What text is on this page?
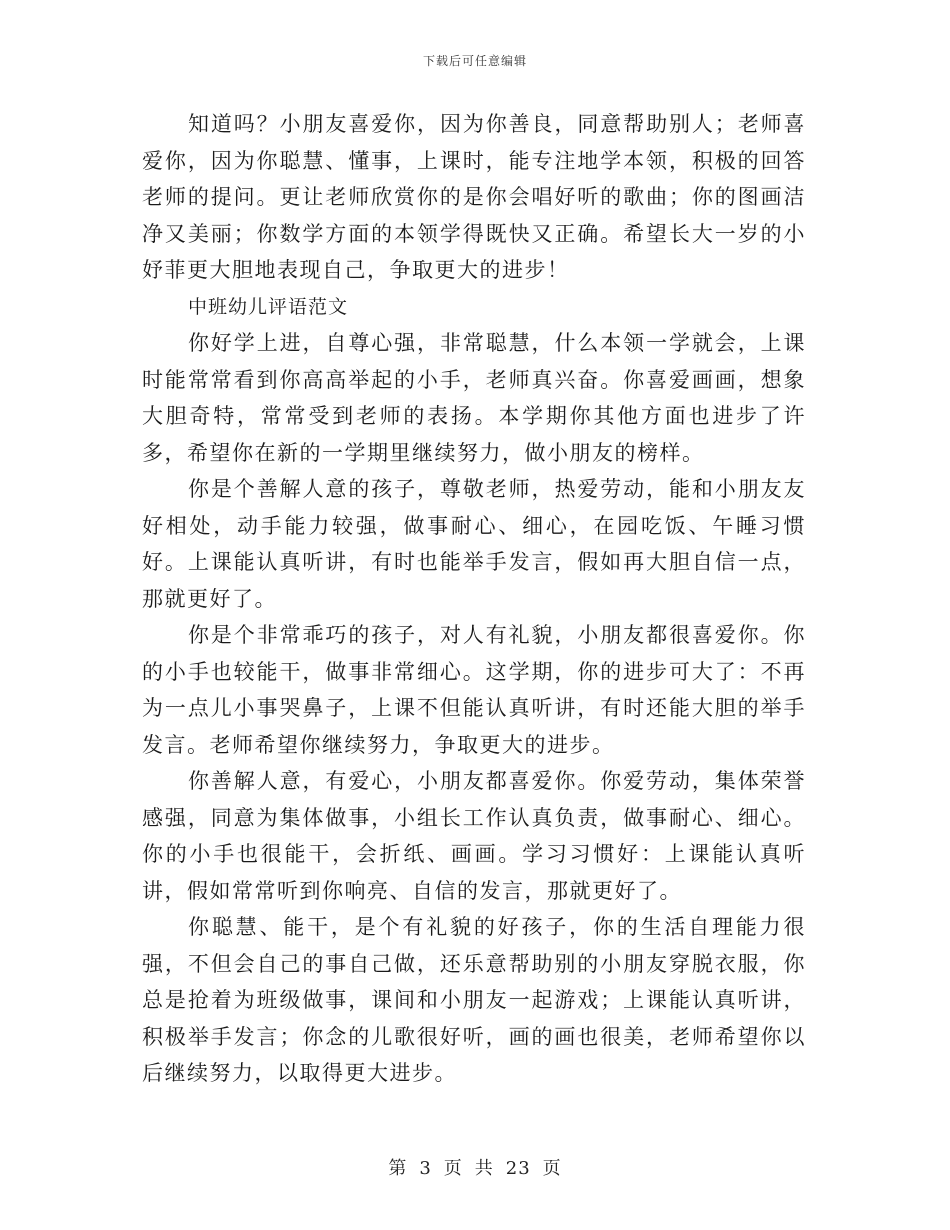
下载后可任意编辑

知道吗？小朋友喜爱你，因为你善良，同意帮助别人；老师喜爱你，因为你聪慧、懂事，上课时，能专注地学本领，积极的回答老师的提问。更让老师欣赏你的是你会唱好听的歌曲；你的图画洁净又美丽；你数学方面的本领学得既快又正确。希望长大一岁的小妤菲更大胆地表现自己，争取更大的进步！

中班幼儿评语范文

你好学上进，自尊心强，非常聪慧，什么本领一学就会，上课时能常常看到你高高举起的小手，老师真兴奋。你喜爱画画，想象大胆奇特，常常受到老师的表扬。本学期你其他方面也进步了许多，希望你在新的一学期里继续努力，做小朋友的榜样。

你是个善解人意的孩子，尊敬老师，热爱劳动，能和小朋友友好相处，动手能力较强，做事耐心、细心，在园吃饭、午睡习惯好。上课能认真听讲，有时也能举手发言，假如再大胆自信一点，那就更好了。

你是个非常乖巧的孩子，对人有礼貌，小朋友都很喜爱你。你的小手也较能干，做事非常细心。这学期，你的进步可大了：不再为一点儿小事哭鼻子，上课不但能认真听讲，有时还能大胆的举手发言。老师希望你继续努力，争取更大的进步。

你善解人意，有爱心，小朋友都喜爱你。你爱劳动，集体荣誉感强，同意为集体做事，小组长工作认真负责，做事耐心、细心。你的小手也很能干，会折纸、画画。学习习惯好：上课能认真听讲，假如常常听到你响亮、自信的发言，那就更好了。

你聪慧、能干，是个有礼貌的好孩子，你的生活自理能力很强，不但会自己的事自己做，还乐意帮助别的小朋友穿脱衣服，你总是抢着为班级做事，课间和小朋友一起游戏；上课能认真听讲，积极举手发言；你念的儿歌很好听，画的画也很美，老师希望你以后继续努力，以取得更大进步。

第 3 页 共 23 页
